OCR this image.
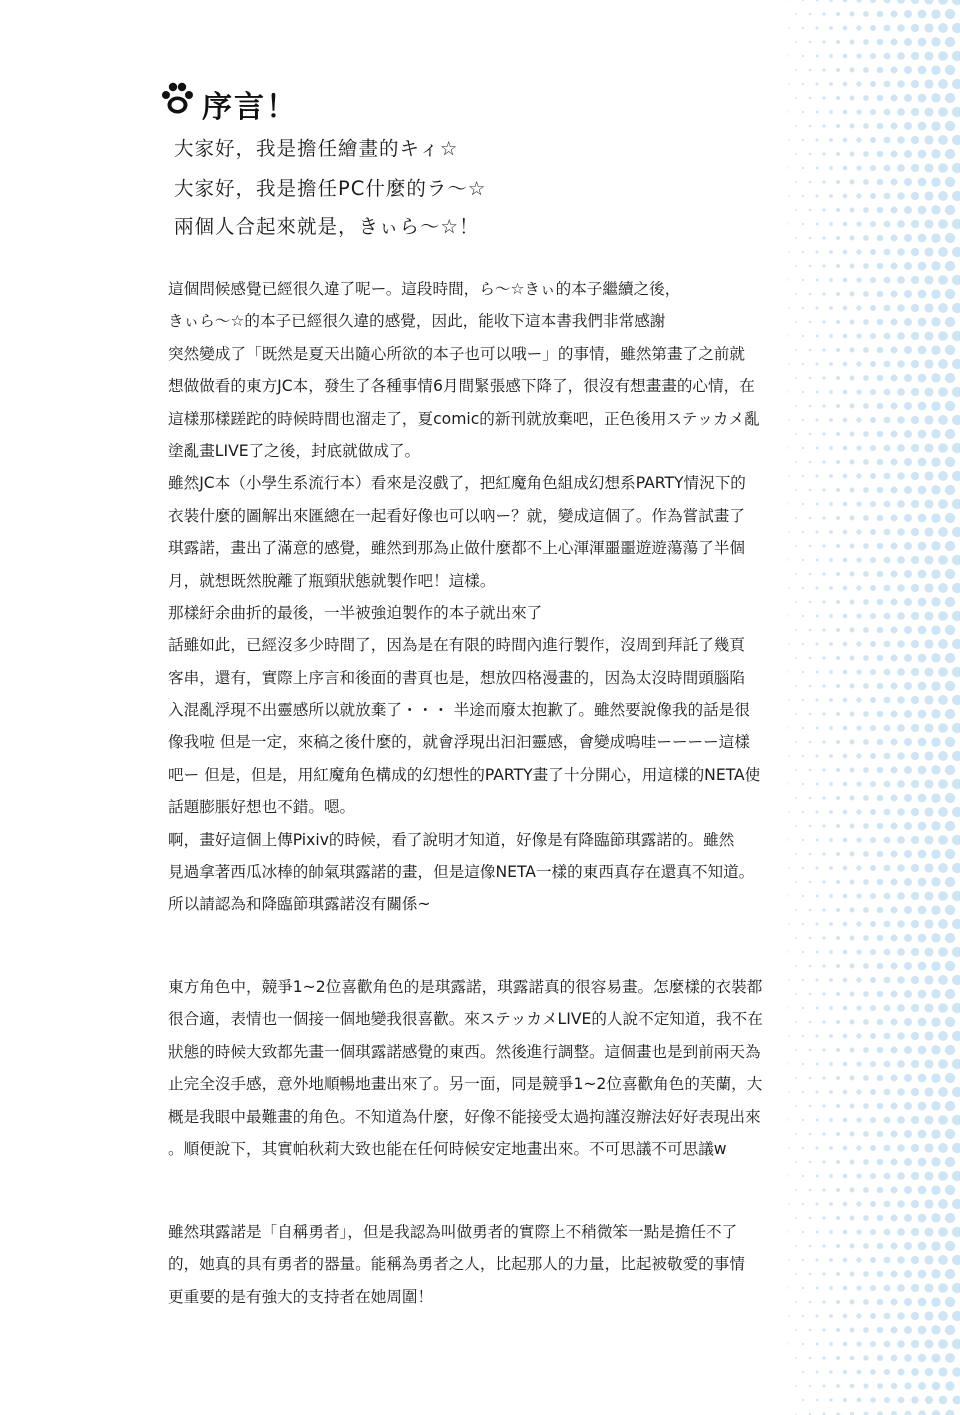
序言！
大家好，我是擔任繪畫的キィ☆
大家好，我是擔任PC什麼的ラ～☆
兩個人合起來就是，きぃら～☆！
這個問候感覺已經很久違了呢ー。這段時間，ら～☆きぃ的本子繼續之後，
きぃら～☆的本子已經很久違的感覺，因此，能收下這本書我們非常感謝
突然變成了「既然是夏天出隨心所欲的本子也可以哦ー」的事情，雖然第畫了之前就
想做做看的東方JC本，發生了各種事情6月間緊張感下降了，很沒有想畫畫的心情，在
這樣那樣蹉跎的時候時間也溜走了，夏comic的新刊就放棄吧，正色後用ステッカメ亂
塗亂畫LIVE了之後，封底就做成了。
雖然JC本（小學生系流行本）看來是沒戲了，把紅魔角色組成幻想系PARTY情況下的
衣裝什麼的圖解出來匯總在一起看好像也可以吶ー？就，變成這個了。作為嘗試畫了
琪露諾，畫出了滿意的感覺，雖然到那為止做什麼都不上心渾渾噩噩遊遊蕩蕩了半個
月，就想既然脫離了瓶頸狀態就製作吧！這樣。
那樣紆余曲折的最後，一半被強迫製作的本子就出來了
話雖如此，已經沒多少時間了，因為是在有限的時間內進行製作，沒周到拜託了幾頁
客串，還有，實際上序言和後面的書頁也是，想放四格漫畫的，因為太沒時間頭腦陷
入混亂浮現不出靈感所以就放棄了・・・ 半途而廢太抱歉了。雖然要說像我的話是很
像我啦 但是一定，來稿之後什麼的，就會浮現出汩汩靈感，會變成嗚哇ーーーー這樣
吧ー 但是，但是，用紅魔角色構成的幻想性的PARTY畫了十分開心，用這樣的NETA使
話題膨脹好想也不錯。嗯。
啊，畫好這個上傳Pixiv的時候，看了說明才知道，好像是有降臨節琪露諾的。雖然
見過拿著西瓜冰棒的帥氣琪露諾的畫，但是這像NETA一樣的東西真存在還真不知道。
所以請認為和降臨節琪露諾沒有關係~
東方角色中，競爭1~2位喜歡角色的是琪露諾，琪露諾真的很容易畫。怎麼樣的衣裝都
很合適，表情也一個接一個地變我很喜歡。來ステッカメLIVE的人說不定知道，我不在
狀態的時候大致都先畫一個琪露諾感覺的東西。然後進行調整。這個畫也是到前兩天為
止完全沒手感，意外地順暢地畫出來了。另一面，同是競爭1~2位喜歡角色的芙蘭，大
概是我眼中最難畫的角色。不知道為什麼，好像不能接受太過拘謹沒辦法好好表現出來
。順便說下，其實帕秋莉大致也能在任何時候安定地畫出來。不可思議不可思議w
雖然琪露諾是「自稱勇者」，但是我認為叫做勇者的實際上不稍微笨一點是擔任不了
的，她真的具有勇者的器量。能稱為勇者之人，比起那人的力量，比起被敬愛的事情
更重要的是有強大的支持者在她周圍！
